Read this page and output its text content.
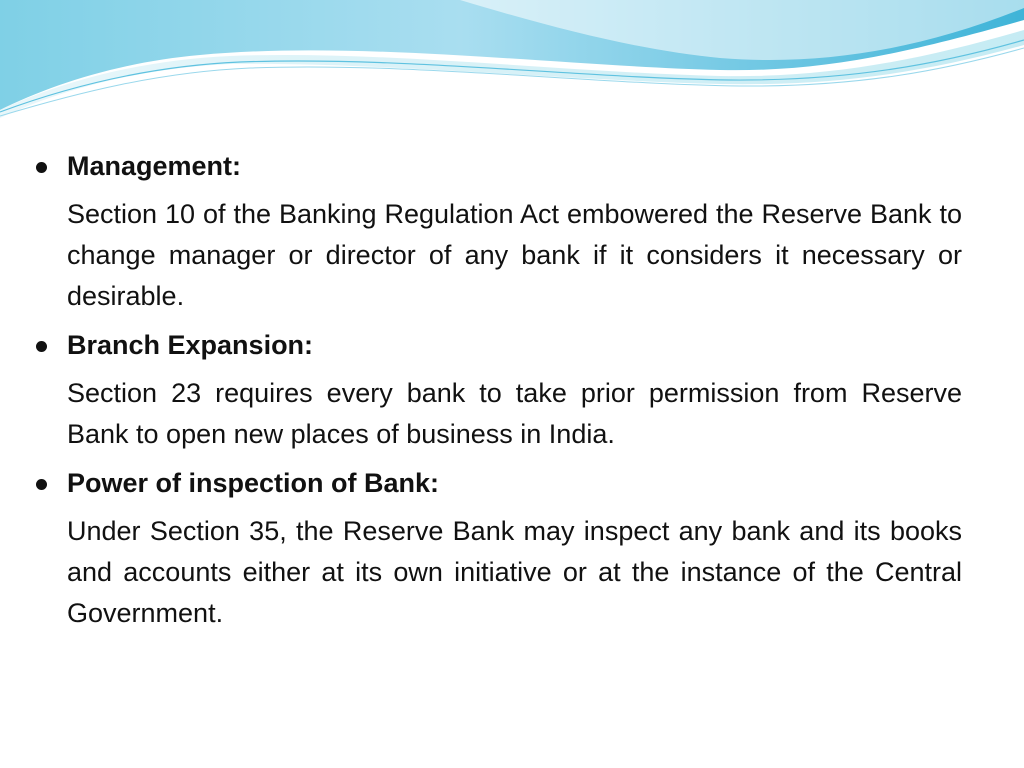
Management:
Section 10 of the Banking Regulation Act embowered the Reserve Bank to change manager or director of any bank if it considers it necessary or desirable.
Branch Expansion:
Section 23 requires every bank to take prior permission from Reserve Bank to open new places of business in India.
Power of inspection of Bank:
Under Section 35, the Reserve Bank may inspect any bank and its books and accounts either at its own initiative or at the instance of the Central Government.
